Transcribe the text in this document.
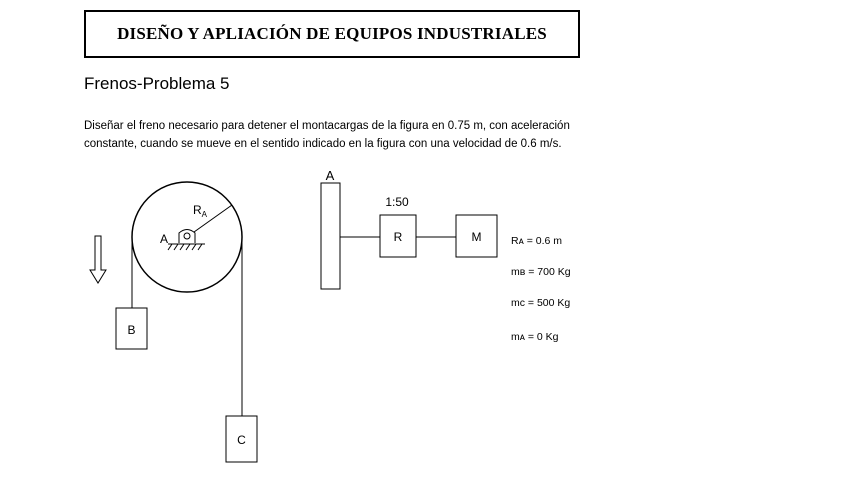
DISEÑO Y APLIACIÓN DE EQUIPOS INDUSTRIALES
Frenos-Problema 5
Diseñar el freno necesario para detener el montacargas de la figura en 0.75 m, con aceleración
constante, cuando se mueve en el sentido indicado en la figura con una velocidad de 0.6 m/s.
B
C
$R_A$
A
A
1:50
R	M	Rᴀ = 0.6 m
mʙ = 700 Kg
mᴄ = 500 Kg
mᴀ = 0 Kg
